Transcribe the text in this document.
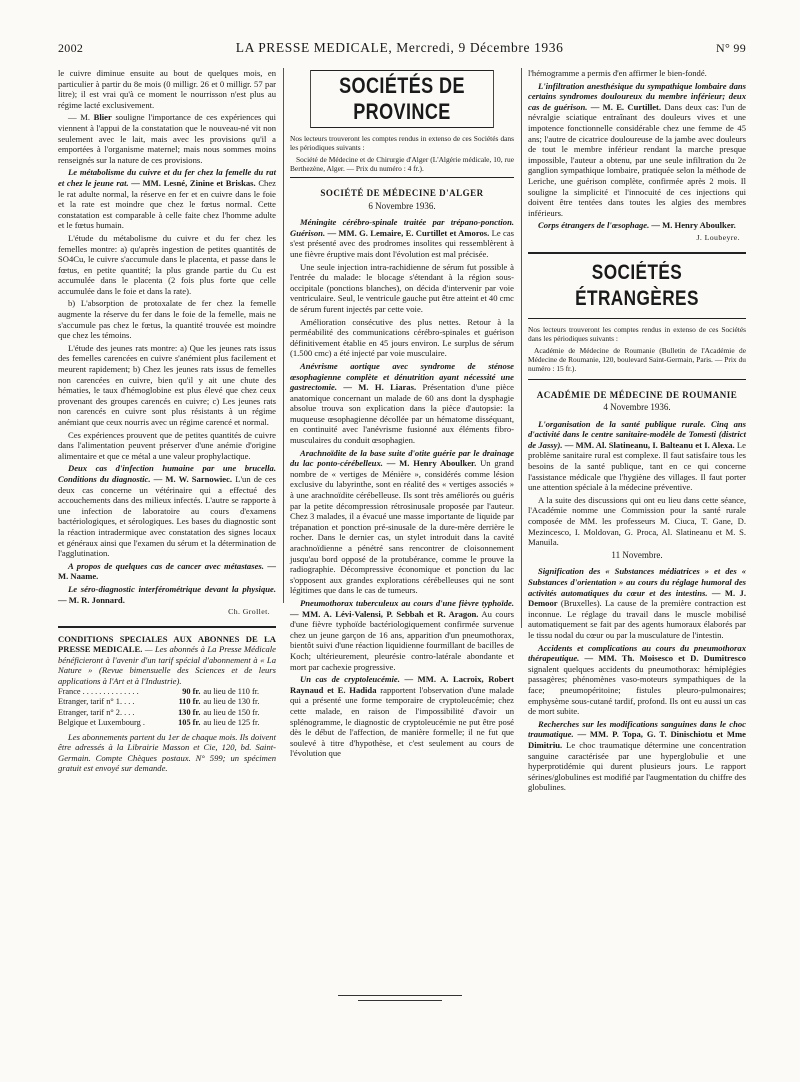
2002	LA PRESSE MEDICALE, Mercredi, 9 Décembre 1936	N° 99

le cuivre diminue ensuite au bout de quelques mois, en particulier à partir du 8e mois (0 milligr. 26 et 0 milligr. 57 par litre); il est vrai qu'à ce moment le nourrisson n'est plus au régime lacté exclusivement.

— M. Blier souligne l'importance de ces expériences qui viennent à l'appui de la constatation que le nouveau-né vit non seulement avec le lait, mais avec les provisions qu'il a emportées à l'organisme maternel; mais nous sommes moins renseignés sur la nature de ces provisions.

Le métabolisme du cuivre et du fer chez la femelle du rat et chez le jeune rat. — MM. Lesné, Zinine et Briskas. Chez le rat adulte normal, la réserve en fer et en cuivre dans le foie et la rate est moindre que chez le fœtus normal. Cette constatation est comparable à celle faite chez l'homme adulte et le fœtus humain.

L'étude du métabolisme du cuivre et du fer chez les femelles montre: a) qu'après ingestion de petites quantités de SO4Cu, le cuivre s'accumule dans le placenta, et passe dans le fœtus, en petite quantité; la plus grande partie du Cu est accumulée dans le placenta (2 fois plus forte que celle accumulée dans le foie et dans la rate).

b) L'absorption de protoxalate de fer chez la femelle augmente la réserve du fer dans le foie de la femelle, mais ne s'accumule pas chez le fœtus, la quantité trouvée est moindre que chez les témoins.

L'étude des jeunes rats montre: a) Que les jeunes rats issus des femelles carencées en cuivre s'anémient plus facilement et meurent rapidement; b) Chez les jeunes rats issus de femelles non carencées en cuivre, bien qu'il y ait une chute des hématies, le taux d'hémoglobine est plus élevé que chez ceux provenant des groupes carencés en cuivre; c) Les jeunes rats non carencés en cuivre sont plus résistants à un régime anémiant que ceux nourris avec un régime carencé et normal.

Ces expériences prouvent que de petites quantités de cuivre dans l'alimentation peuvent préserver d'une anémie d'origine alimentaire et que ce métal a une valeur prophylactique.

Deux cas d'infection humaine par une brucella. Conditions du diagnostic. — M. W. Sarnowiec. L'un de ces deux cas concerne un vétérinaire qui a effectué des accouchements dans des milieux infectés. L'autre se rapporte à une infection de laboratoire au cours d'examens bactériologiques, et sérologiques. Les bases du diagnostic sont la réaction intradermique avec constatation des signes locaux et généraux ainsi que l'examen du sérum et la détermination de l'agglutination.

A propos de quelques cas de cancer avec métastases. — M. Naame.

Le séro-diagnostic interférométrique devant la physique. — M. R. Jonnard.

Ch. Grollet.

CONDITIONS SPECIALES AUX ABONNES DE LA PRESSE MEDICALE. — Les abonnés à La Presse Médicale bénéficieront à l'avenir d'un tarif spécial d'abonnement à « La Nature » (Revue bimensuelle des Sciences et de leurs applications à l'Art et à l'Industrie).

France . . . . . . . . . . . . . .	90 fr.	au lieu de 110 fr.
Etranger, tarif n° 1. . . .	110 fr.	au lieu de 130 fr.
Etranger, tarif n° 2. . . .	130 fr.	au lieu de 150 fr.
Belgique et Luxembourg .	105 fr.	au lieu de 125 fr.

Les abonnements partent du 1er de chaque mois. Ils doivent être adressés à la Librairie Masson et Cie, 120, bd. Saint-Germain. Compte Chèques postaux. N° 599; un spécimen gratuit est envoyé sur demande.

SOCIÉTÉS DE PROVINCE

Nos lecteurs trouveront les comptes rendus in extenso de ces Sociétés dans les périodiques suivants :

Société de Médecine et de Chirurgie d'Alger (L'Algérie médicale, 10, rue Berthezène, Alger. — Prix du numéro : 4 fr.).

SOCIÉTÉ DE MÉDECINE D'ALGER
6 Novembre 1936.

Méningite cérébro-spinale traitée par trépano-ponction. Guérison. — MM. G. Lemaire, E. Curtillet et Amoros. Le cas s'est présenté avec des prodromes insolites qui ressemblèrent à une fièvre éruptive mais dont l'évolution est mal précisée.

Une seule injection intra-rachidienne de sérum fut possible à l'entrée du malade: le blocage s'étendant à la région sous-occipitale (ponctions blanches), on décida d'intervenir par voie ventriculaire. Seul, le ventricule gauche put être atteint et 40 cmc de sérum furent injectés par cette voie.

Amélioration consécutive des plus nettes. Retour à la perméabilité des communications cérébro-spinales et guérison définitivement établie en 45 jours environ. Le surplus de sérum (1.500 cmc) a été injecté par voie musculaire.

Anévrisme aortique avec syndrome de sténose œsophagienne complète et dénutrition ayant nécessité une gastrectomie. — M. H. Liaras. Présentation d'une pièce anatomique concernant un malade de 60 ans dont la dysphagie absolue trouva son explication dans la pièce d'autopsie: la muqueuse œsophagienne décollée par un hématome disséquant, en continuité avec l'anévrisme fusionné aux éléments fibro-musculaires du conduit œsophagien.

Arachnoïdite de la base suite d'otite guérie par le drainage du lac ponto-cérébelleux. — M. Henry Aboulker. Un grand nombre de « vertiges de Ménière », considérés comme lésion exclusive du labyrinthe, sont en réalité des « vertiges associés » à une arachnoïdite cérébelleuse. Ils sont très améliorés ou guéris par la petite décompression rétrosinusale proposée par l'auteur. Chez 3 malades, il a évacué une masse importante de liquide par trépanation et ponction pré-sinusale de la dure-mère derrière le rocher. Dans le dernier cas, un stylet introduit dans la cavité arachnoïdienne a pénétré sans rencontrer de cloisonnement jusqu'au bord opposé de la protubérance, comme le prouve la radiographie. Décompressive économique et ponction du lac s'opposent aux grandes explorations cérébelleuses qui ne sont légitimes que dans le cas de tumeurs.

Pneumothorax tuberculeux au cours d'une fièvre typhoïde. — MM. A. Lévi-Valensi, P. Sebbah et R. Aragon. Au cours d'une fièvre typhoïde bactériologiquement confirmée survenue chez un jeune garçon de 16 ans, apparition d'un pneumothorax, bientôt suivi d'une réaction liquidienne fourmillant de bacilles de Koch; ultérieurement, pleurésie contro-latérale abondante et mort par cachexie progressive.

Un cas de cryptoleucémie. — MM. A. Lacroix, Robert Raynaud et E. Hadida rapportent l'observation d'une malade qui a présenté une forme temporaire de cryptoleucémie; chez cette malade, en raison de l'impossibilité d'avoir un splénogramme, le diagnostic de cryptoleucémie ne put être posé dès le début de l'affection, de manière formelle; il ne fut que soulevé à titre d'hypothèse, et c'est seulement au cours de l'évolution que

l'hémogramme a permis d'en affirmer le bien-fondé.

L'infiltration anesthésique du sympathique lombaire dans certains syndromes douloureux du membre inférieur; deux cas de guérison. — M. E. Curtillet. Dans deux cas: l'un de névralgie sciatique entraînant des douleurs vives et une impotence fonctionnelle considérable chez une femme de 45 ans; l'autre de cicatrice douloureuse de la jambe avec douleurs de tout le membre inférieur rendant la marche presque impossible, l'auteur a obtenu, par une seule infiltration du 2e ganglion sympathique lombaire, pratiquée selon la méthode de Leriche, une guérison complète, confirmée après 2 mois. Il souligne la simplicité et l'innocuité de ces injections qui doivent être tentées dans toutes les algies des membres inférieurs.

Corps étrangers de l'œsophage. — M. Henry Aboulker.

J. Loubeyre.
SOCIÉTÉS ÉTRANGÈRES

Nos lecteurs trouveront les comptes rendus in extenso de ces Sociétés dans les périodiques suivants :

Académie de Médecine de Roumanie (Bulletin de l'Académie de Médecine de Roumanie, 120, boulevard Saint-Germain, Paris. — Prix du numéro : 15 fr.).

ACADÉMIE DE MÉDECINE DE ROUMANIE
4 Novembre 1936.

L'organisation de la santé publique rurale. Cinq ans d'activité dans le centre sanitaire-modèle de Tomesti (district de Jassy). — MM. Al. Slatineanu, I. Balteanu et I. Alexa. Le problème sanitaire rural est complexe. Il faut satisfaire tous les besoins de la santé publique, tant en ce qui concerne l'assistance médicale que l'hygiène des villages. Il faut porter une attention spéciale à la médecine préventive.

A la suite des discussions qui ont eu lieu dans cette séance, l'Académie nomme une Commission pour la santé rurale composée de MM. les professeurs M. Ciuca, T. Gane, D. Mezincesco, I. Moldovan, G. Proca, Al. Slatineanu et M. S. Manuila.

11 Novembre.

Signification des « Substances médiatrices » et des « Substances d'orientation » au cours du réglage humoral des activités automatiques du cœur et des intestins. — M. J. Demoor (Bruxelles). La cause de la première contraction est inconnue. Le réglage du travail dans le muscle mobilisé automatiquement se fait par des agents humoraux élaborés par le tissu nodal du cœur ou par la musculature de l'intestin.

Accidents et complications au cours du pneumothorax thérapeutique. — MM. Th. Moisesco et D. Dumitresco signalent quelques accidents du pneumothorax: hémiplégies passagères; phénomènes vaso-moteurs sympathiques de la face; pneumopéritoine; fistules pleuro-pulmonaires; emphysème sous-cutané tardif, profond. Ils ont eu aussi un cas de mort subite.

Recherches sur les modifications sanguines dans le choc traumatique. — MM. P. Topa, G. T. Dinischiotu et Mme Dimitriu. Le choc traumatique détermine une concentration sanguine caractérisée par une hyperglobulie et une hyperprotidémie qui durent plusieurs jours. Le rapport sérines/globulines est modifié par l'augmentation du chiffre des globulines.
